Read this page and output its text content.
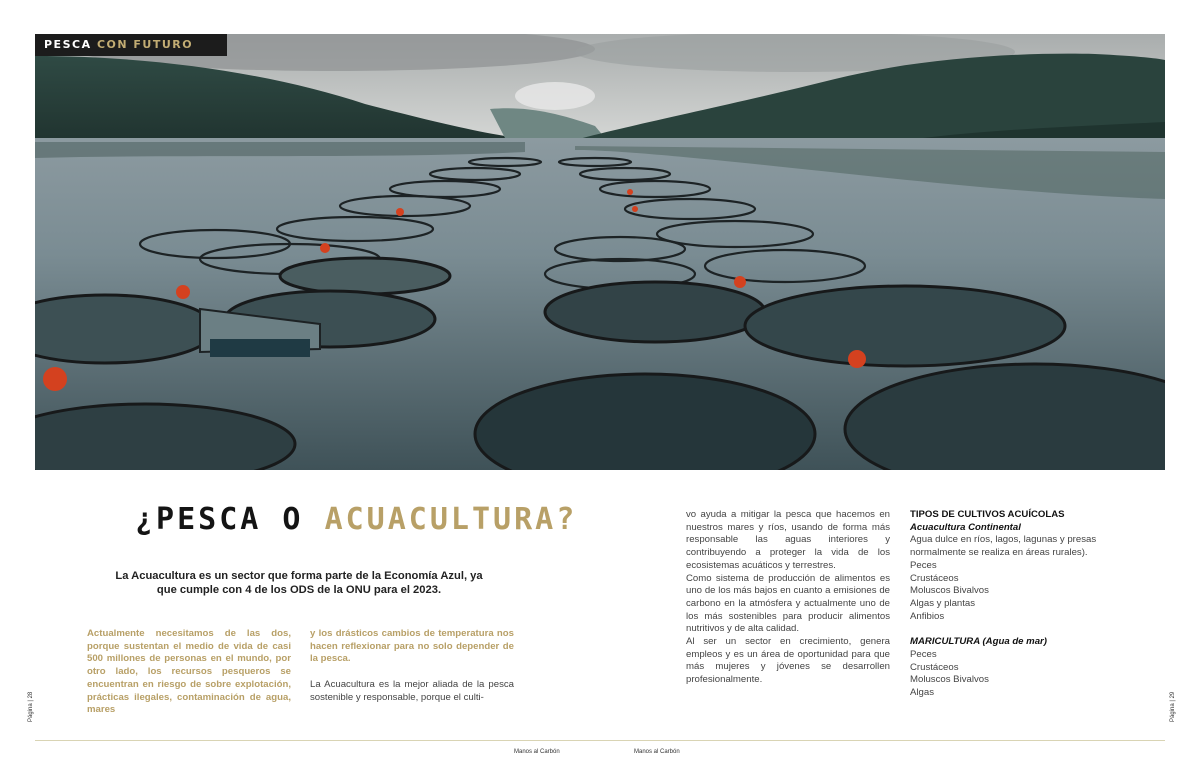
PESCA CON FUTURO
¿PESCA O ACUACULTURA?

La Acuacultura es un sector que forma parte de la Economía Azul, ya que cumple con 4 de los ODS de la ONU para el 2023.

Actualmente necesitamos de las dos, porque sustentan el medio de vida de casi 500 millones de personas en el mundo, por otro lado, los recursos pesqueros se encuentran en riesgo de sobre explotación, prácticas ilegales, contaminación de agua, mares
y los drásticos cambios de temperatura nos hacen reflexionar para no solo depender de la pesca.
La Acuacultura es la mejor aliada de la pesca sostenible y responsable, porque el culti-

vo ayuda a mitigar la pesca que hacemos en nuestros mares y ríos, usando de forma más responsable las aguas interiores y contribuyendo a proteger la vida de los ecosistemas acuáticos y terrestres.

Como sistema de producción de alimentos es uno de los más bajos en cuanto a emisiones de carbono en la atmósfera y actualmente uno de los más sostenibles para producir alimentos nutritivos y de alta calidad.

Al ser un sector en crecimiento, genera empleos y es un área de oportunidad para que más mujeres y jóvenes se desarrollen profesionalmente.

TIPOS DE CULTIVOS ACUÍCOLAS
Acuacultura Continental
Agua dulce en ríos, lagos, lagunas y presas normalmente se realiza en áreas rurales).
Peces
Crustáceos
Moluscos Bivalvos
Algas y plantas
Anfibios
MARICULTURA (Agua de mar)
Peces
Crustáceos
Moluscos Bivalvos
Algas
Página | 28	Página | 29
Manos al Carbón	Manos al Carbón
